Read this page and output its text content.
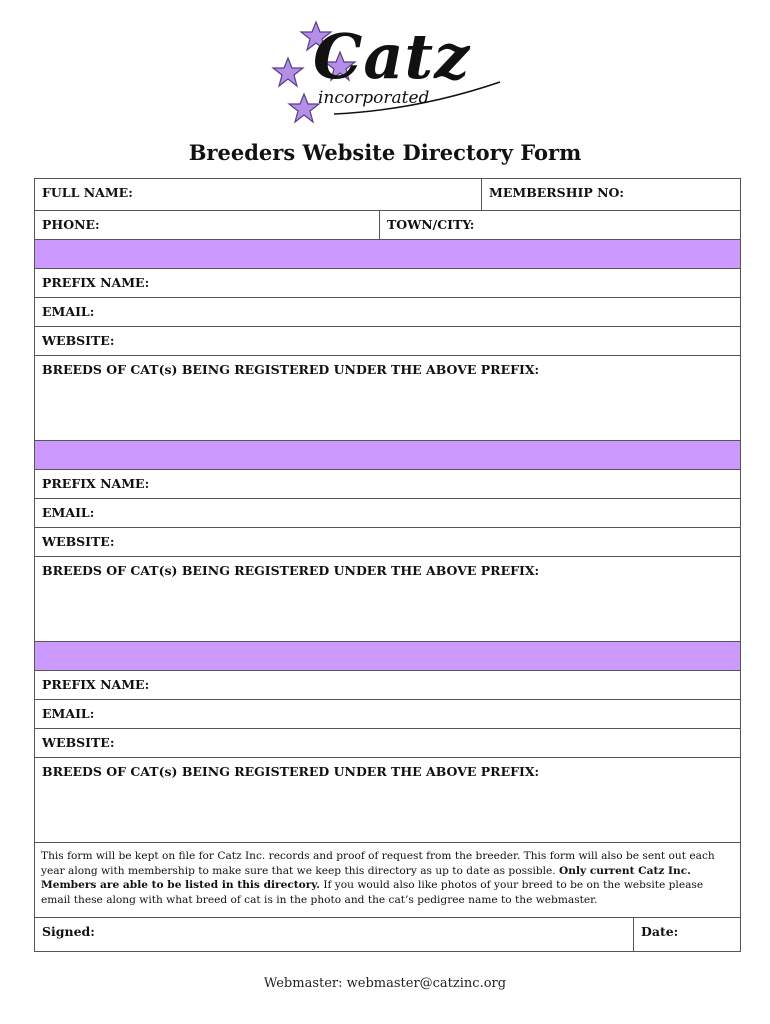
Catz
incorporated
Breeders Website Directory Form
FULL NAME:	MEMBERSHIP NO:
PHONE:	TOWN/CITY:
PREFIX NAME:
EMAIL:
WEBSITE:
BREEDS OF CAT(s) BEING REGISTERED UNDER THE ABOVE PREFIX:
PREFIX NAME:
EMAIL:
WEBSITE:
BREEDS OF CAT(s) BEING REGISTERED UNDER THE ABOVE PREFIX:
PREFIX NAME:
EMAIL:
WEBSITE:
BREEDS OF CAT(s) BEING REGISTERED UNDER THE ABOVE PREFIX:
This form will be kept on file for Catz Inc. records and proof of request from the breeder. This form will also be sent out each year along with membership to make sure that we keep this directory as up to date as possible. Only current Catz Inc. Members are able to be listed in this directory. If you would also like photos of your breed to be on the website please email these along with what breed of cat is in the photo and the cat’s pedigree name to the webmaster.
Signed:	Date:
Webmaster: webmaster@catzinc.org
